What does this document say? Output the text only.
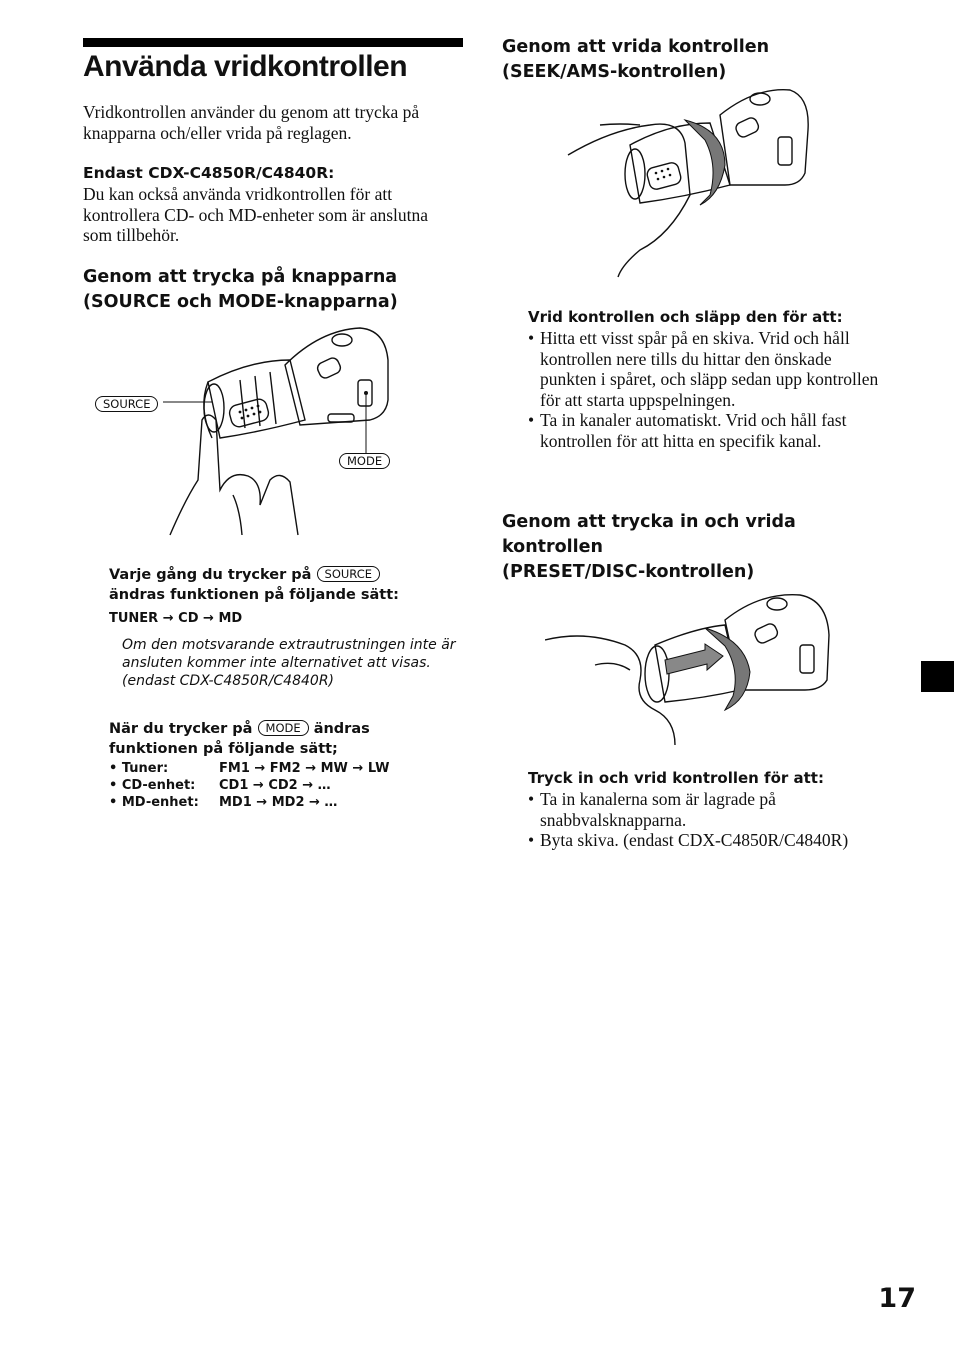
Använda vridkontrollen
Vridkontrollen använder du genom att trycka på knapparna och/eller vrida på reglagen.
Endast CDX-C4850R/C4840R:
Du kan också använda vridkontrollen för att kontrollera CD- och MD-enheter som är anslutna som tillbehör.
Genom att trycka på knapparna
(SOURCE och MODE-knapparna)
SOURCE
MODE
Varje gång du trycker på SOURCE
ändras funktionen på följande sätt:
TUNER → CD → MD
Om den motsvarande extrautrustningen inte är ansluten kommer inte alternativet att visas. (endast CDX-C4850R/C4840R)
När du trycker på MODE ändras
funktionen på följande sätt;
• Tuner:	FM1 → FM2 → MW → LW
• CD-enhet:	CD1 → CD2 → …
• MD-enhet:	MD1 → MD2 → …
Genom att vrida kontrollen
(SEEK/AMS-kontrollen)
Vrid kontrollen och släpp den för att:
• Hitta ett visst spår på en skiva. Vrid och håll kontrollen nere tills du hittar den önskade punkten i spåret, och släpp sedan upp kontrollen för att starta uppspelningen.
• Ta in kanaler automatiskt. Vrid och håll fast kontrollen för att hitta en specifik kanal.
Genom att trycka in och vrida
kontrollen
(PRESET/DISC-kontrollen)
Tryck in och vrid kontrollen för att:
• Ta in kanalerna som är lagrade på snabbvalsknapparna.
• Byta skiva. (endast CDX-C4850R/C4840R)
17
